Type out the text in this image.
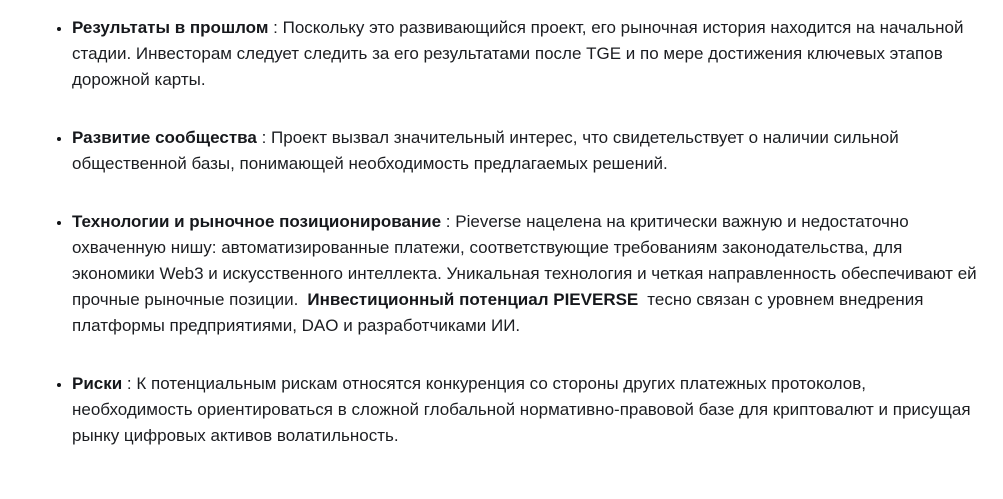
• Результаты в прошлом : Поскольку это развивающийся проект, его рыночная история находится на начальной стадии. Инвесторам следует следить за его результатами после TGE и по мере достижения ключевых этапов дорожной карты.
• Развитие сообщества : Проект вызвал значительный интерес, что свидетельствует о наличии сильной общественной базы, понимающей необходимость предлагаемых решений.
• Технологии и рыночное позиционирование : Pieverse нацелена на критически важную и недостаточно охваченную нишу: автоматизированные платежи, соответствующие требованиям законодательства, для экономики Web3 и искусственного интеллекта. Уникальная технология и четкая направленность обеспечивают ей прочные рыночные позиции. Инвестиционный потенциал PIEVERSE тесно связан с уровнем внедрения платформы предприятиями, DAO и разработчиками ИИ.
• Риски : К потенциальным рискам относятся конкуренция со стороны других платежных протоколов, необходимость ориентироваться в сложной глобальной нормативно-правовой базе для криптовалют и присущая рынку цифровых активов волатильность.
